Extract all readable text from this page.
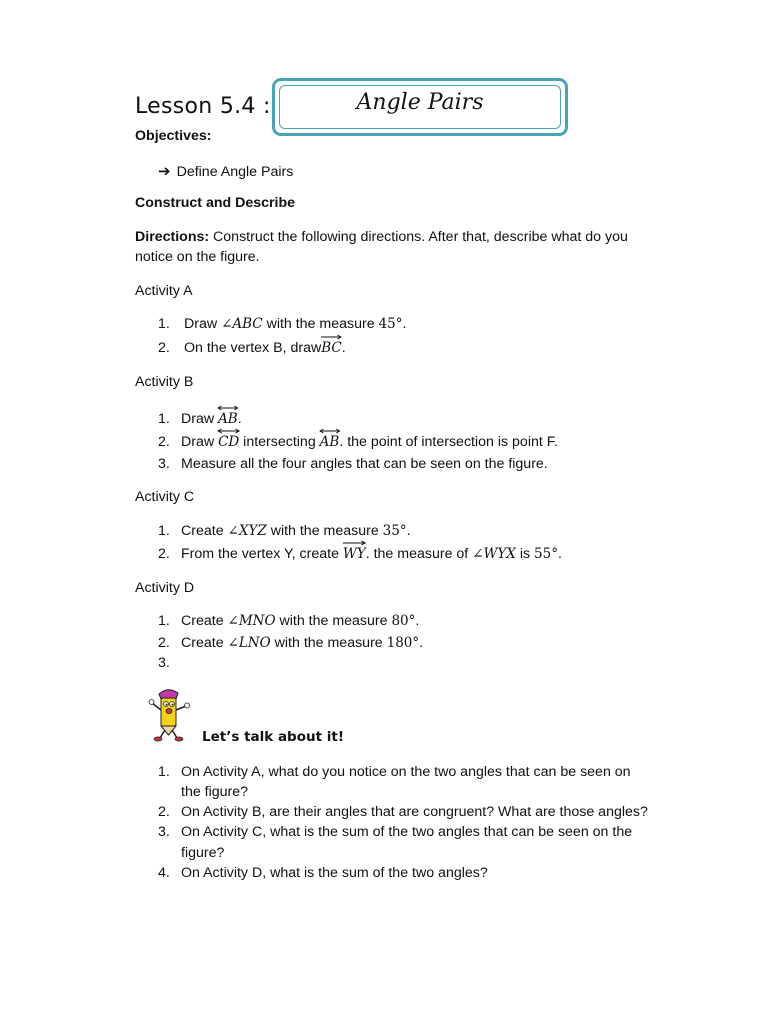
Lesson 5.4 :	Angle Pairs
Objectives:
➔ Define Angle Pairs
Construct and Describe
Directions: Construct the following directions. After that, describe what do you
notice on the figure.
Activity A
1. Draw ∠ABC with the measure 45°.
2. On the vertex B, draw
BC.
Activity B
1. Draw
AB.
2. Draw
CD intersecting
AB. the point of intersection is point F.
3. Measure all the four angles that can be seen on the figure.
Activity C
1. Create ∠XYZ with the measure 35°.
2. From the vertex Y, create
WY. the measure of ∠WYX is 55°.
Activity D
1. Create ∠MNO with the measure 80°.
2. Create ∠LNO with the measure 180°.
3.
Let’s talk about it!
1. On Activity A, what do you notice on the two angles that can be seen on
the figure?
2. On Activity B, are their angles that are congruent? What are those angles?
3. On Activity C, what is the sum of the two angles that can be seen on the
figure?
4. On Activity D, what is the sum of the two angles?
